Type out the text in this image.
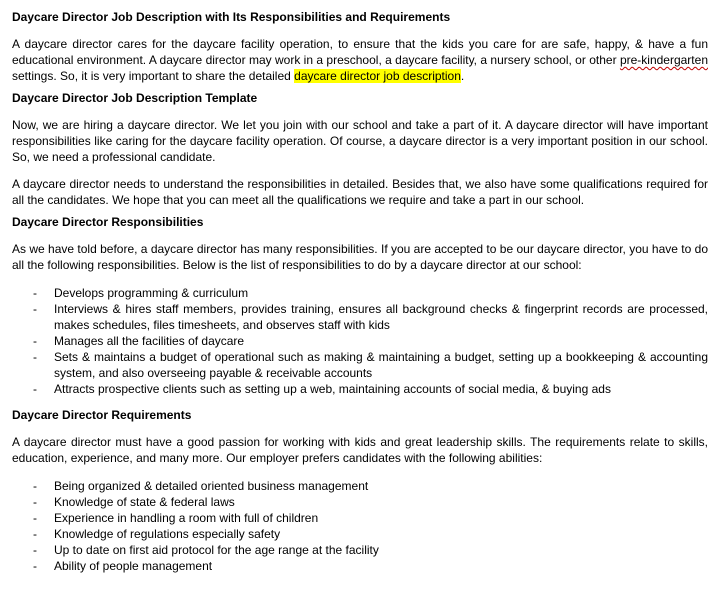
Daycare Director Job Description with Its Responsibilities and Requirements

A daycare director cares for the daycare facility operation, to ensure that the kids you care for are safe, happy, & have a fun educational environment. A daycare director may work in a preschool, a daycare facility, a nursery school, or other pre-kindergarten settings. So, it is very important to share the detailed daycare director job description.

Daycare Director Job Description Template

Now, we are hiring a daycare director. We let you join with our school and take a part of it. A daycare director will have important responsibilities like caring for the daycare facility operation. Of course, a daycare director is a very important position in our school. So, we need a professional candidate.

A daycare director needs to understand the responsibilities in detailed. Besides that, we also have some qualifications required for all the candidates. We hope that you can meet all the qualifications we require and take a part in our school.

Daycare Director Responsibilities

As we have told before, a daycare director has many responsibilities. If you are accepted to be our daycare director, you have to do all the following responsibilities. Below is the list of responsibilities to do by a daycare director at our school:

- Develops programming & curriculum
- Interviews & hires staff members, provides training, ensures all background checks & fingerprint records are processed, makes schedules, files timesheets, and observes staff with kids
- Manages all the facilities of daycare
- Sets & maintains a budget of operational such as making & maintaining a budget, setting up a bookkeeping & accounting system, and also overseeing payable & receivable accounts
- Attracts prospective clients such as setting up a web, maintaining accounts of social media, & buying ads

Daycare Director Requirements

A daycare director must have a good passion for working with kids and great leadership skills. The requirements relate to skills, education, experience, and many more. Our employer prefers candidates with the following abilities:

- Being organized & detailed oriented business management
- Knowledge of state & federal laws
- Experience in handling a room with full of children
- Knowledge of regulations especially safety
- Up to date on first aid protocol for the age range at the facility
- Ability of people management
